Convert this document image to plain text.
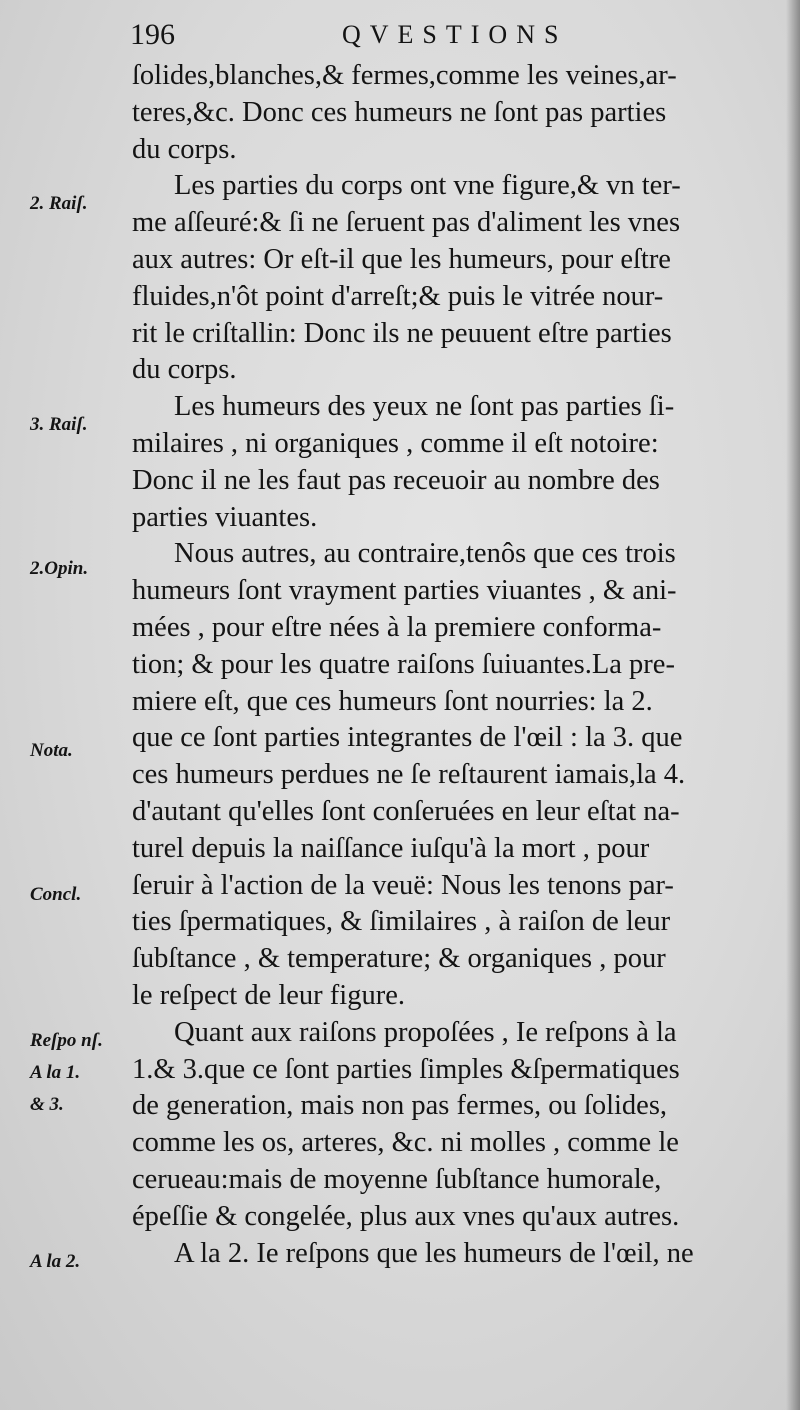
196	QVESTIONS
ſolides,blanches,& fermes,comme les veines,ar-
teres,&c. Donc ces humeurs ne ſont pas parties
du corps.
Les parties du corps ont vne figure,& vn ter-
me aſſeuré:& ſi ne ſeruent pas d'aliment les vnes
aux autres: Or eſt-il que les humeurs, pour eſtre
fluides,n'ôt point d'arreſt;& puis le vitrée nour-
rit le criſtallin: Donc ils ne peuuent eſtre parties
du corps.
Les humeurs des yeux ne ſont pas parties ſi-
milaires , ni organiques , comme il eſt notoire:
Donc il ne les faut pas receuoir au nombre des
parties viuantes.
Nous autres, au contraire,tenôs que ces trois
humeurs ſont vrayment parties viuantes , & ani-
mées , pour eſtre nées à la premiere conforma-
tion; & pour les quatre raiſons ſuiuantes.La pre-
miere eſt, que ces humeurs ſont nourries: la 2.
que ce ſont parties integrantes de l'œil : la 3. que
ces humeurs perdues ne ſe reſtaurent iamais,la 4.
d'autant qu'elles ſont conſeruées en leur eſtat na-
turel depuis la naiſſance iuſqu'à la mort , pour
ſeruir à l'action de la veuë: Nous les tenons par-
ties ſpermatiques, & ſimilaires , à raiſon de leur
ſubſtance , & temperature; & organiques , pour
le reſpect de leur figure.
Quant aux raiſons propoſées , Ie reſpons à la
1.& 3.que ce ſont parties ſimples &ſpermatiques
de generation, mais non pas fermes, ou ſolides,
comme les os, arteres, &c. ni molles , comme le
cerueau:mais de moyenne ſubſtance humorale,
épeſſie & congelée, plus aux vnes qu'aux autres.
A la 2. Ie reſpons que les humeurs de l'œil, ne
2. Raiſ.
3. Raiſ.
2.Opin.
Nota.
Concl.
Reſpo nſ.
A la 1.
& 3.
A la 2.
